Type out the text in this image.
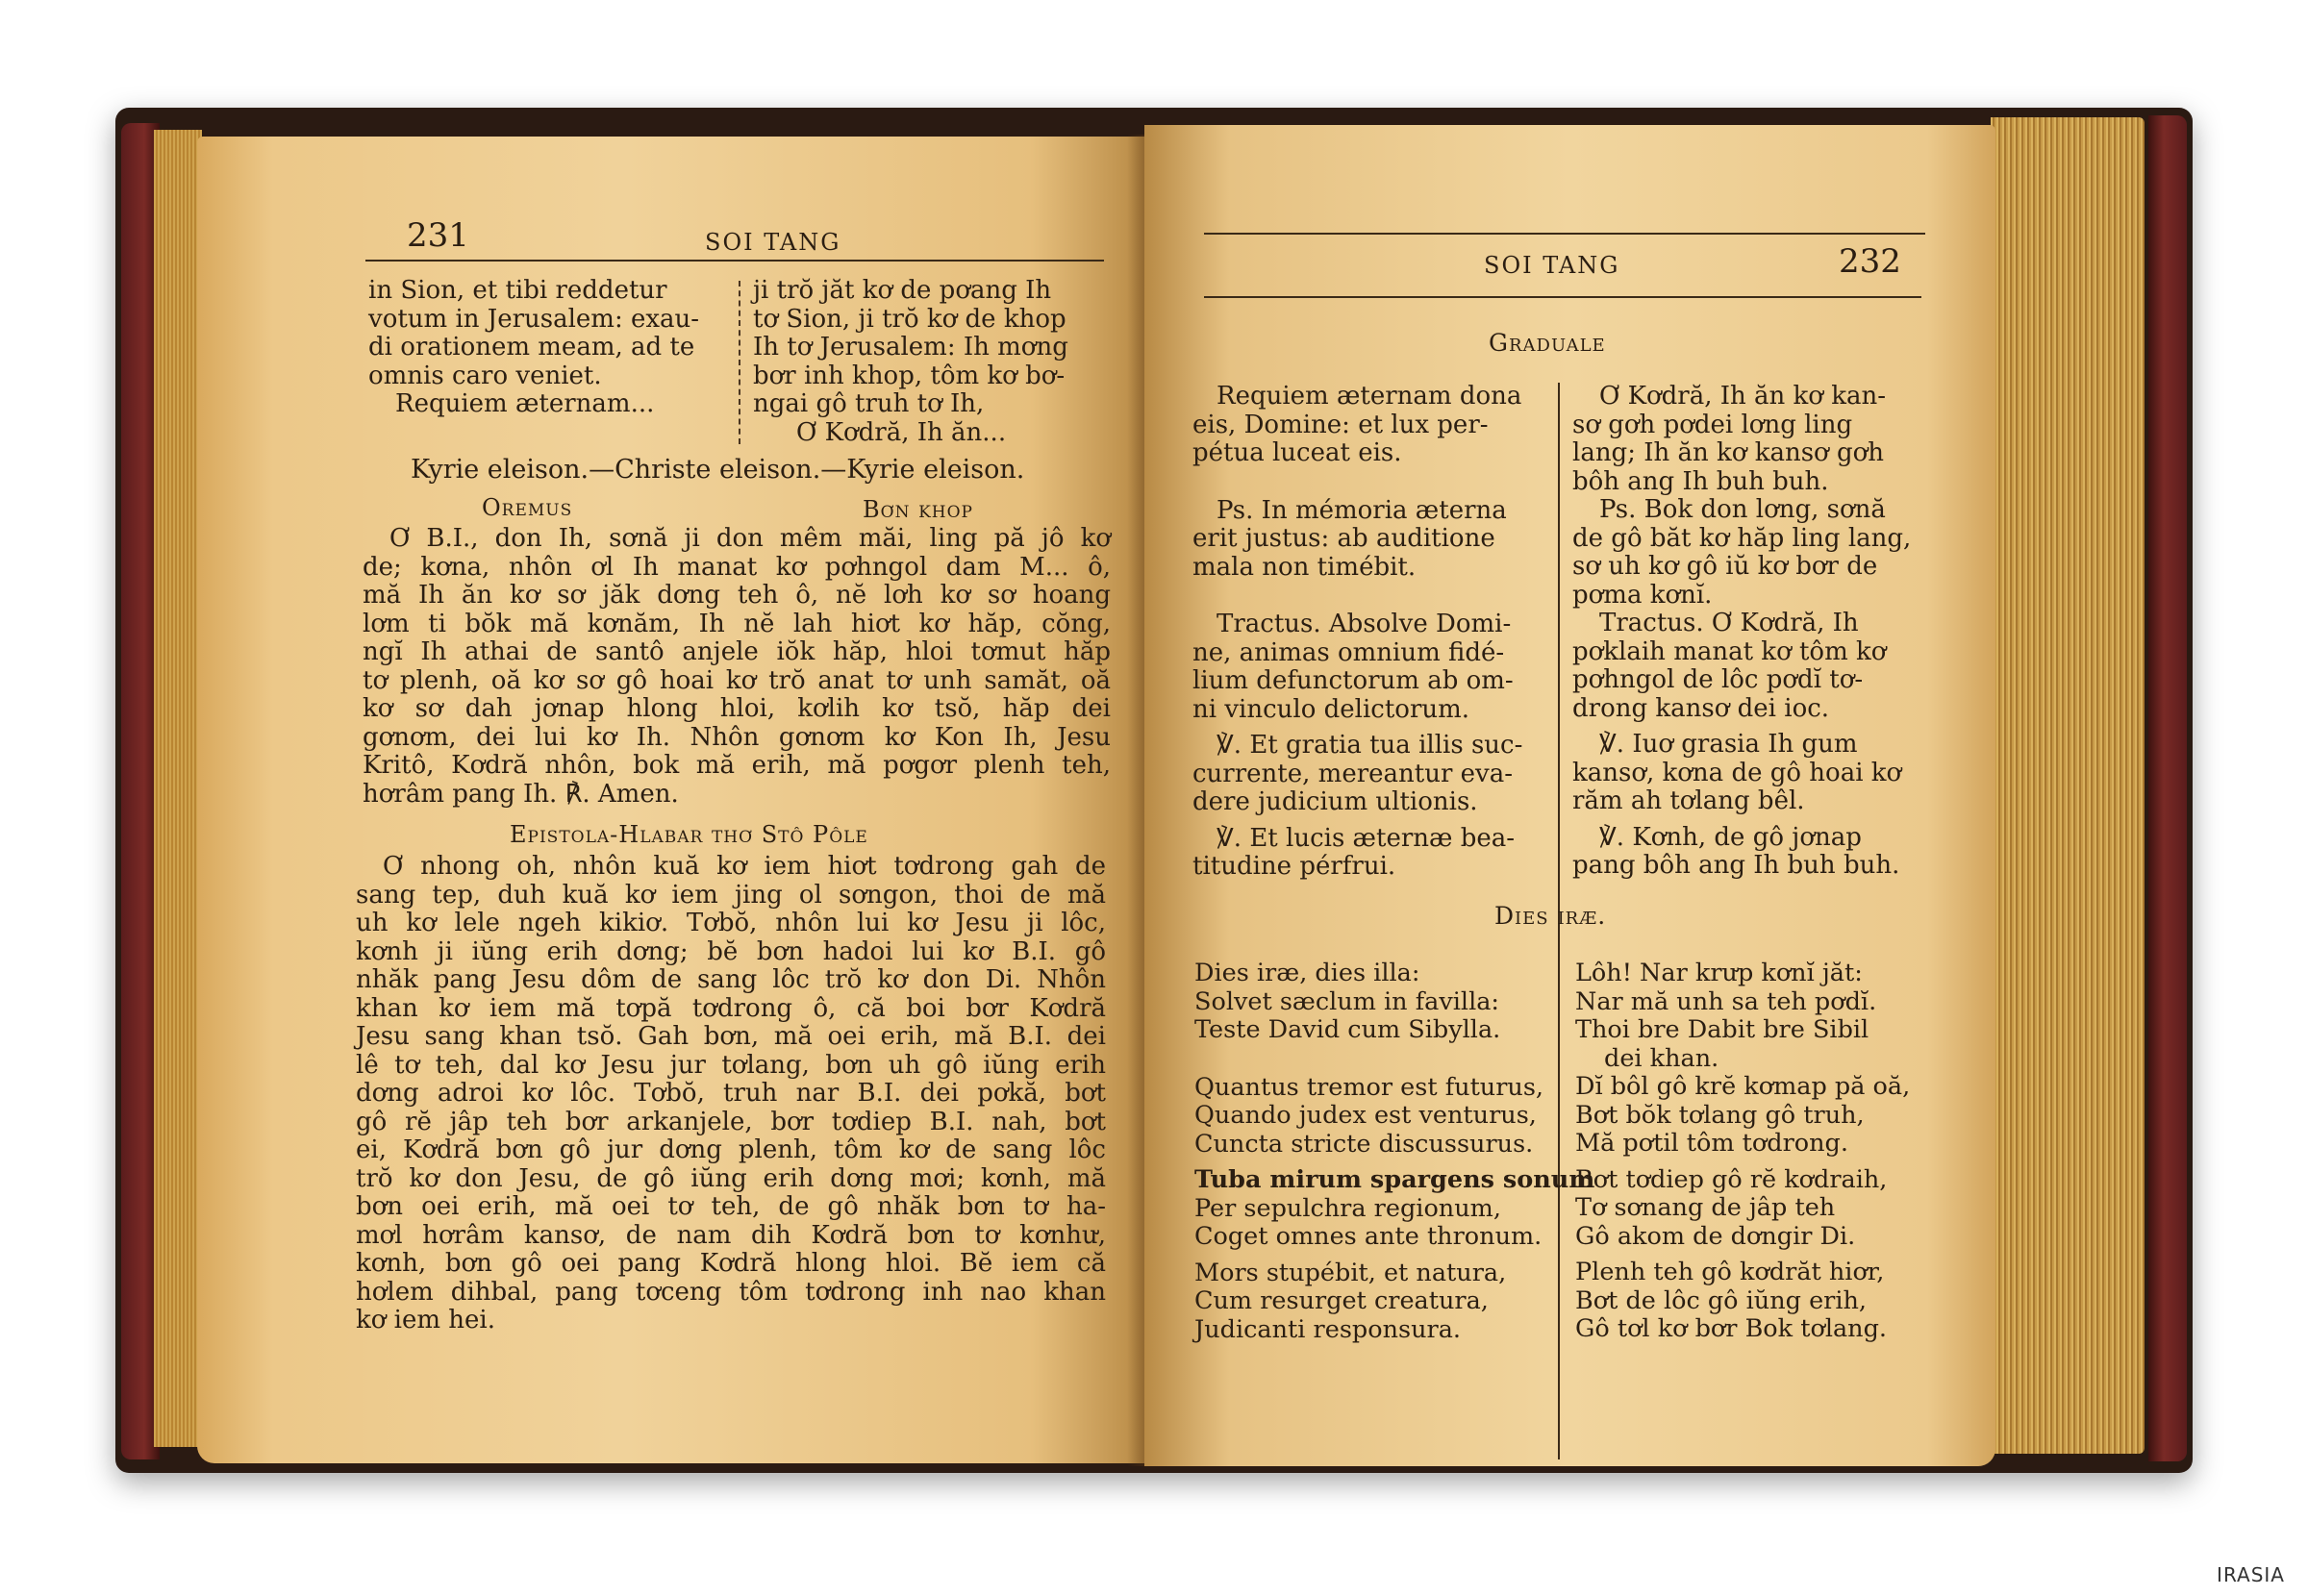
231	SOI TANG
in Sion, et tibi reddetur
votum in Jerusalem: exau-
di orationem meam, ad te
omnis caro veniet.
Requiem æternam...
ji trŏ jăt kơ de pơang Ih
tơ Sion, ji trŏ kơ de khop
Ih tơ Jerusalem: Ih mơng
bơr inh khop, tôm kơ bơ-
ngai gô truh tơ Ih,
Ơ Kơdră, Ih ăn...
Kyrie eleison.—Christe eleison.—Kyrie eleison.
Oremus	Bơn khop
Ơ B.I., don Ih, sơnă ji don mêm măi, ling pă jô kơ
de; kơna, nhôn ơl Ih manat kơ pơhngol dam M... ô,
mă Ih ăn kơ sơ jăk dơng teh ô, nĕ lơh kơ sơ hoang
lơm ti bŏk mă kơnăm, Ih nĕ lah hiơt kơ hăp, cŏng,
ngĭ Ih athai de santô anjele iŏk hăp, hloi tơmut hăp
tơ plenh, oă kơ sơ gô hoai kơ trŏ anat tơ unh samăt, oă
kơ sơ dah jơnap hlong hloi, kơlih kơ tsŏ, hăp dei
gơnơm, dei lui kơ Ih. Nhôn gơnơm kơ Kon Ih, Jesu
Kritô, Kơdră nhôn, bok mă erih, mă pơgơr plenh teh,
hơrâm pang Ih. ℟. Amen.
Epistola-Hlabar thơ Stô Pôle
Ơ nhong oh, nhôn kuă kơ iem hiơt tơdrong gah de
sang tep, duh kuă kơ iem jing ol sơngon, thoi de mă
uh kơ lele ngeh kikiơ. Tơbŏ, nhôn lui kơ Jesu ji lôc,
kơnh ji iŭng erih dơng; bĕ bơn hadoi lui kơ B.I. gô
nhăk pang Jesu dôm de sang lôc trŏ kơ don Di. Nhôn
khan kơ iem mă tơpă tơdrong ô, că boi bơr Kơdră
Jesu sang khan tsŏ. Gah bơn, mă oei erih, mă B.I. dei
lê tơ teh, dal kơ Jesu jur tơlang, bơn uh gô iŭng erih
dơng adroi kơ lôc. Tơbŏ, truh nar B.I. dei pơkă, bơt
gô rĕ jâp teh bơr arkanjele, bơr tơdiep B.I. nah, bơt
ei, Kơdră bơn gô jur dơng plenh, tôm kơ de sang lôc
trŏ kơ don Jesu, de gô iŭng erih dơng mơi; kơnh, mă
bơn oei erih, mă oei tơ teh, de gô nhăk bơn tơ ha-
mơl hơrâm kansơ, de nam dih Kơdră bơn tơ kơnhư,
kơnh, bơn gô oei pang Kơdră hlong hloi. Bĕ iem că
hơlem dihbal, pang tơceng tôm tơdrong inh nao khan
kơ iem hei.
SOI TANG	232
Graduale
Requiem æternam dona
eis, Domine: et lux per-
pétua luceat eis.
Ps. In mémoria æterna
erit justus: ab auditione
mala non timébit.
Tractus. Absolve Domi-
ne, animas omnium fidé-
lium defunctorum ab om-
ni vinculo delictorum.
℣. Et gratia tua illis suc-
currente, mereantur eva-
dere judicium ultionis.
℣. Et lucis æternæ bea-
titudine pérfrui.
Ơ Kơdră, Ih ăn kơ kan-
sơ gơh pơdei lơng ling
lang; Ih ăn kơ kansơ gơh
bôh ang Ih buh buh.
Ps. Bok don lơng, sơnă
de gô băt kơ hăp ling lang,
sơ uh kơ gô iŭ kơ bơr de
pơma kơnĭ.
Tractus. Ơ Kơdră, Ih
pơklaih manat kơ tôm kơ
pơhngol de lôc pơdĭ tơ-
drong kansơ dei ioc.
℣. Iuơ grasia Ih gum
kansơ, kơna de gô hoai kơ
răm ah tơlang bêl.
℣. Kơnh, de gô jơnap
pang bôh ang Ih buh buh.
Dies iræ.
Dies iræ, dies illa:
Solvet sæclum in favilla:
Teste David cum Sibylla.
Quantus tremor est futurus,
Quando judex est venturus,
Cuncta stricte discussurus.
Tuba mirum spargens sonum
Per sepulchra regionum,
Coget omnes ante thronum.
Mors stupébit, et natura,
Cum resurget creatura,
Judicanti responsura.
Lôh! Nar krưp kơnĭ jăt:
Nar mă unh sa teh pơdĭ.
Thoi bre Dabit bre Sibil
dei khan.
Dĭ bôl gô krĕ kơmap pă oă,
Bơt bŏk tơlang gô truh,
Mă pơtil tôm tơdrong.
Bơt tơdiep gô rĕ kơdraih,
Tơ sơnang de jâp teh
Gô akom de dơngir Di.
Plenh teh gô kơdrăt hiơr,
Bơt de lôc gô iŭng erih,
Gô tơl kơ bơr Bok tơlang.
IRASIA
